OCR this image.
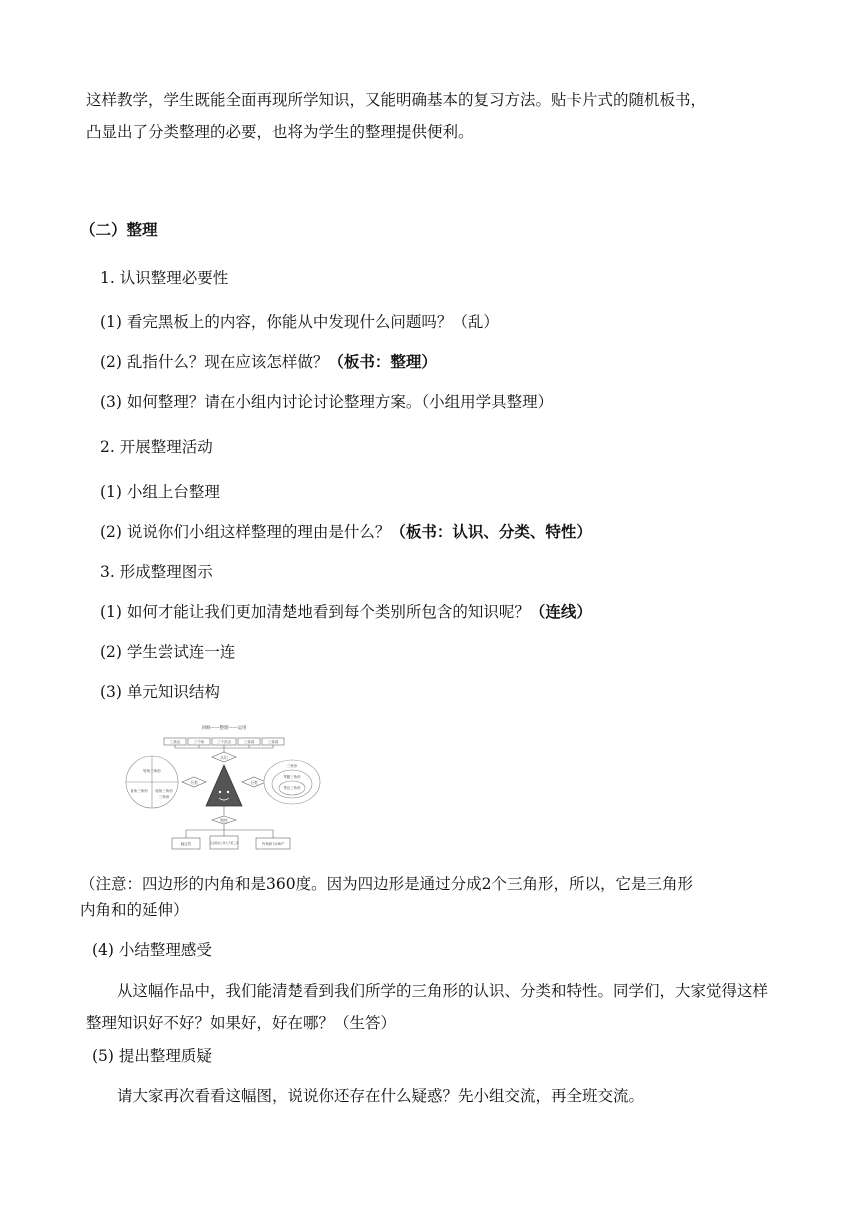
这样教学，学生既能全面再现所学知识，又能明确基本的复习方法。贴卡片式的随机板书，
凸显出了分类整理的必要，也将为学生的整理提供便利。
（二）整理
1. 认识整理必要性
(1) 看完黑板上的内容，你能从中发现什么问题吗？（乱）
(2) 乱指什么？现在应该怎样做？（板书：整理）
(3) 如何整理？请在小组内讨论讨论整理方案。（小组用学具整理）
2. 开展整理活动
(1) 小组上台整理
(2) 说说你们小组这样整理的理由是什么？（板书：认识、分类、特性）
3. 形成整理图示
(1) 如何才能让我们更加清楚地看到每个类别所包含的知识呢？（连线）
(2) 学生尝试连一连
(3) 单元知识结构
回顾——整理——运用
三条边	三个角	三个顶点	三条高	三条高
认识
分类	分类
特性
锐角三角形
直角三角形 钝角三角形
三角形
三角形
等腰三角形
等边三角形
稳定性	任意两边之和大于第三边	内角和为180°
（注意：四边形的内角和是360度。因为四边形是通过分成2个三角形，所以，它是三角形
内角和的延伸）
(4) 小结整理感受
从这幅作品中，我们能清楚看到我们所学的三角形的认识、分类和特性。同学们，大家觉得这样整理知识好不好？如果好，好在哪？（生答）
(5) 提出整理质疑
请大家再次看看这幅图，说说你还存在什么疑惑？先小组交流，再全班交流。
